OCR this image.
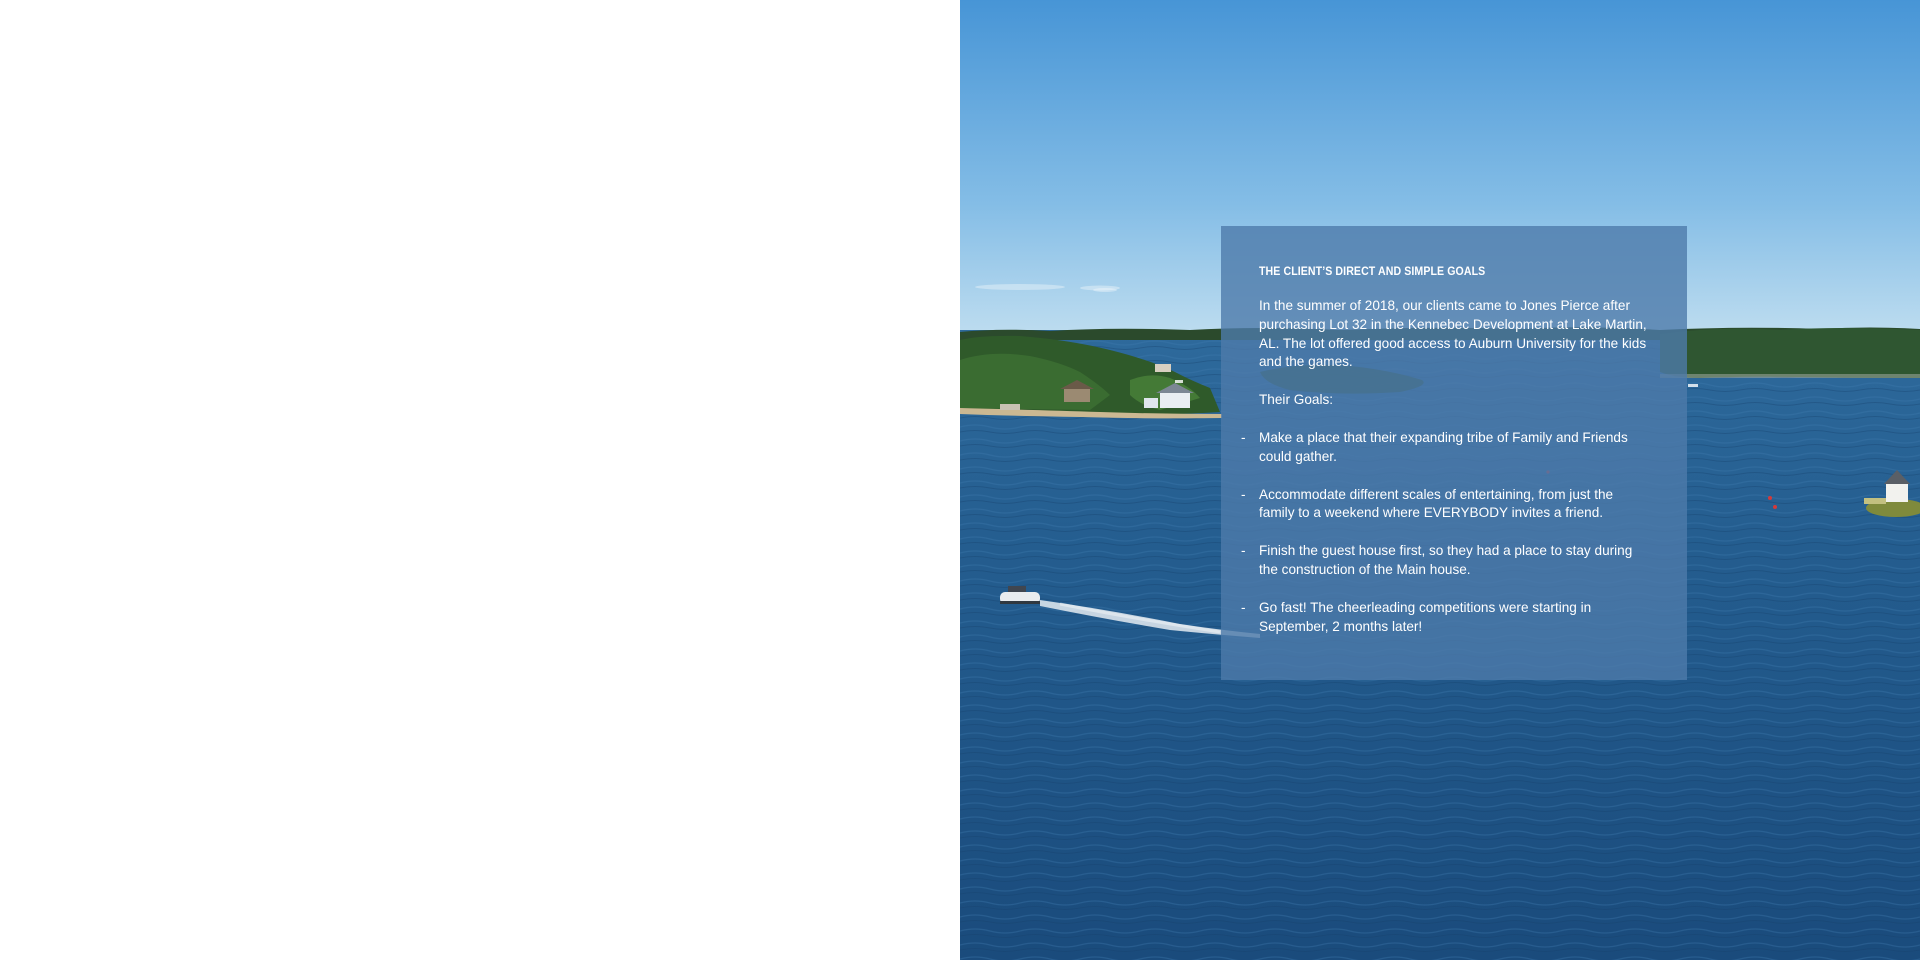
THE CLIENT’S DIRECT AND SIMPLE GOALS

In the summer of 2018, our clients came to Jones Pierce after purchasing Lot 32 in the Kennebec Development at Lake Martin, AL. The lot offered good access to Auburn University for the kids and the games.

Their Goals:

- Make a place that their expanding tribe of Family and Friends could gather.
- Accommodate different scales of entertaining, from just the family to a weekend where EVERYBODY invites a friend.
- Finish the guest house first, so they had a place to stay during the construction of the Main house.
- Go fast! The cheerleading competitions were starting in September, 2 months later!
